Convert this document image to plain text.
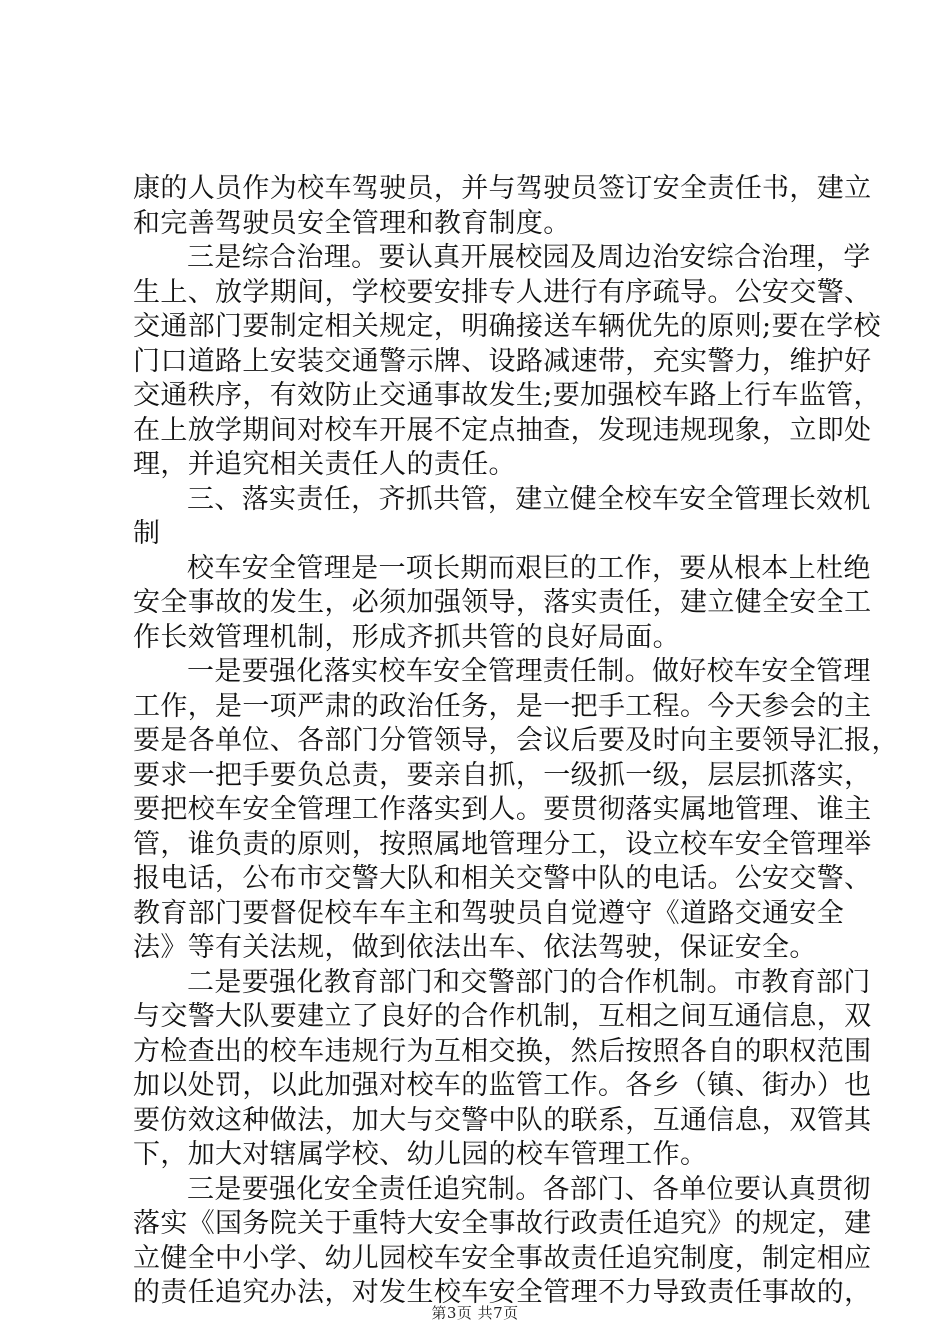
康的人员作为校车驾驶员，并与驾驶员签订安全责任书，建立
和完善驾驶员安全管理和教育制度。
三是综合治理。要认真开展校园及周边治安综合治理，学
生上、放学期间，学校要安排专人进行有序疏导。公安交警、
交通部门要制定相关规定，明确接送车辆优先的原则;要在学校
门口道路上安装交通警示牌、设路减速带，充实警力，维护好
交通秩序，有效防止交通事故发生;要加强校车路上行车监管，
在上放学期间对校车开展不定点抽查，发现违规现象，立即处
理，并追究相关责任人的责任。
三、落实责任，齐抓共管，建立健全校车安全管理长效机
制
校车安全管理是一项长期而艰巨的工作，要从根本上杜绝
安全事故的发生，必须加强领导，落实责任，建立健全安全工
作长效管理机制，形成齐抓共管的良好局面。
一是要强化落实校车安全管理责任制。做好校车安全管理
工作，是一项严肃的政治任务，是一把手工程。今天参会的主
要是各单位、各部门分管领导，会议后要及时向主要领导汇报，
要求一把手要负总责，要亲自抓，一级抓一级，层层抓落实，
要把校车安全管理工作落实到人。要贯彻落实属地管理、谁主
管，谁负责的原则，按照属地管理分工，设立校车安全管理举
报电话，公布市交警大队和相关交警中队的电话。公安交警、
教育部门要督促校车车主和驾驶员自觉遵守《道路交通安全
法》等有关法规，做到依法出车、依法驾驶，保证安全。
二是要强化教育部门和交警部门的合作机制。市教育部门
与交警大队要建立了良好的合作机制，互相之间互通信息，双
方检查出的校车违规行为互相交换，然后按照各自的职权范围
加以处罚，以此加强对校车的监管工作。各乡（镇、街办）也
要仿效这种做法，加大与交警中队的联系，互通信息，双管其
下，加大对辖属学校、幼儿园的校车管理工作。
三是要强化安全责任追究制。各部门、各单位要认真贯彻
落实《国务院关于重特大安全事故行政责任追究》的规定，建
立健全中小学、幼儿园校车安全事故责任追究制度，制定相应
的责任追究办法，对发生校车安全管理不力导致责任事故的，
第3页 共7页
